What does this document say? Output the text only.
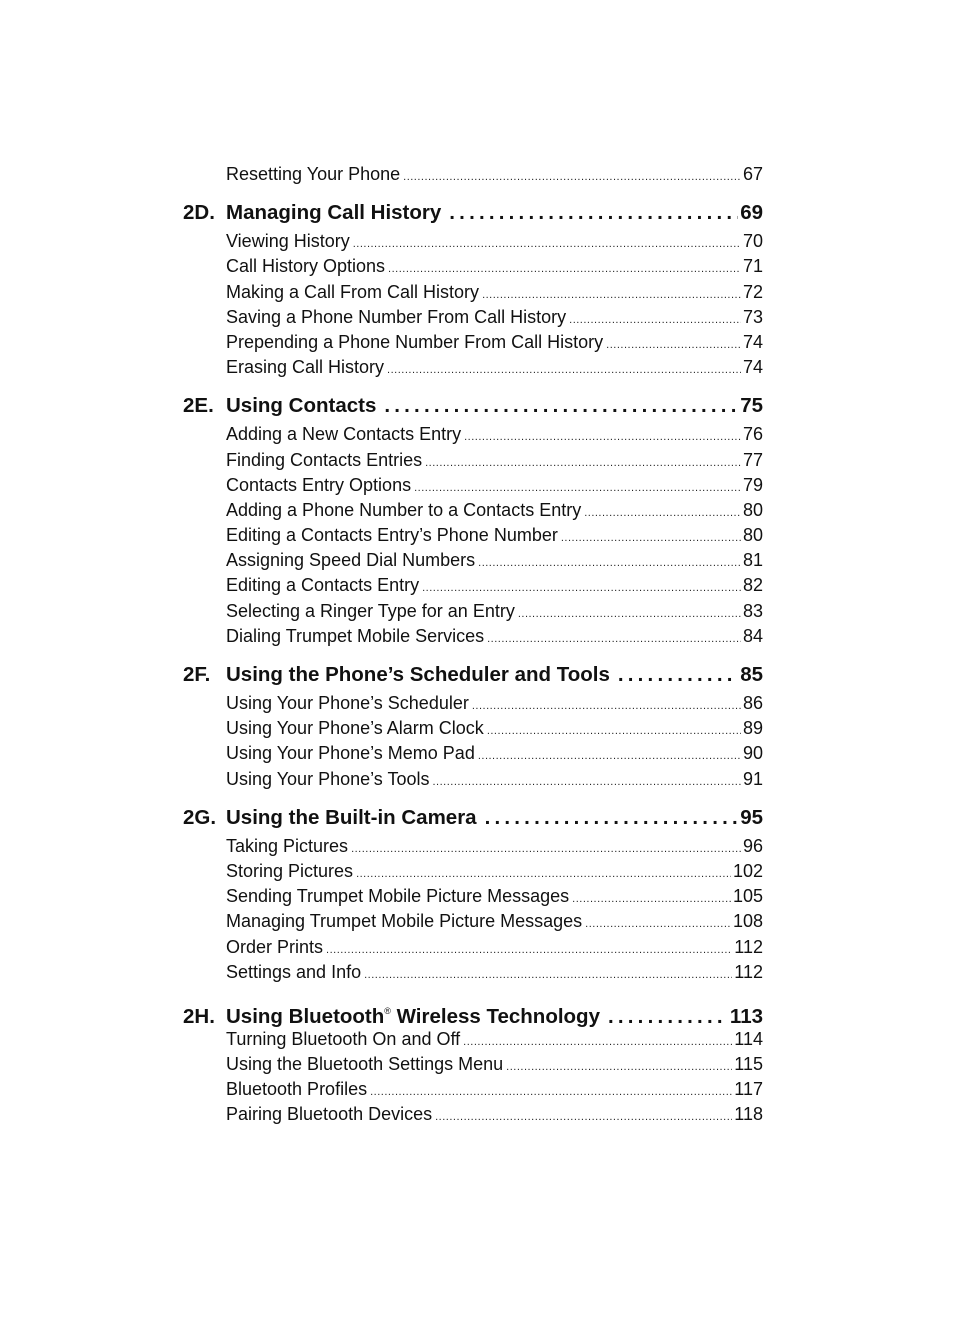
Resetting Your Phone .....	67
2D. Managing Call History .....	69
Viewing History .....	70
Call History Options .....	71
Making a Call From Call History .....	72
Saving a Phone Number From Call History .....	73
Prepending a Phone Number From Call History .....	74
Erasing Call History .....	74
2E. Using Contacts .....	75
Adding a New Contacts Entry .....	76
Finding Contacts Entries .....	77
Contacts Entry Options .....	79
Adding a Phone Number to a Contacts Entry .....	80
Editing a Contacts Entry’s Phone Number .....	80
Assigning Speed Dial Numbers .....	81
Editing a Contacts Entry .....	82
Selecting a Ringer Type for an Entry .....	83
Dialing Trumpet Mobile Services .....	84
2F. Using the Phone’s Scheduler and Tools .....	85
Using Your Phone’s Scheduler .....	86
Using Your Phone’s Alarm Clock .....	89
Using Your Phone’s Memo Pad .....	90
Using Your Phone’s Tools .....	91
2G. Using the Built-in Camera .....	95
Taking Pictures .....	96
Storing Pictures .....	102
Sending Trumpet Mobile Picture Messages .....	105
Managing Trumpet Mobile Picture Messages .....	108
Order Prints .....	112
Settings and Info .....	112
2H. Using Bluetooth® Wireless Technology .....	113
Turning Bluetooth On and Off .....	114
Using the Bluetooth Settings Menu .....	115
Bluetooth Profiles .....	117
Pairing Bluetooth Devices .....	118
